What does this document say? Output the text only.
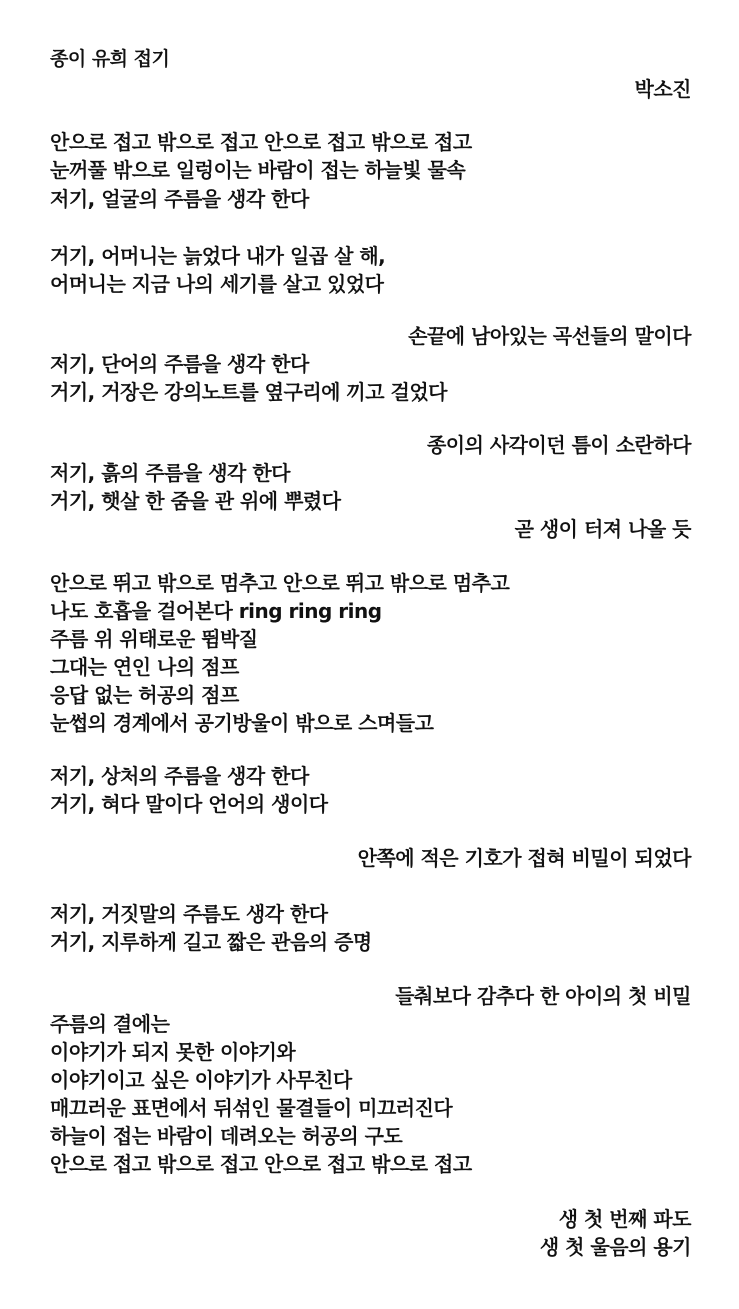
종이 유희 접기
박소진
안으로 접고 밖으로 접고 안으로 접고 밖으로 접고
눈꺼풀 밖으로 일렁이는 바람이 접는 하늘빛 물속
저기, 얼굴의 주름을 생각 한다
거기, 어머니는 늙었다 내가 일곱 살 해,
어머니는 지금 나의 세기를 살고 있었다
손끝에 남아있는 곡선들의 말이다
저기, 단어의 주름을 생각 한다
거기, 거장은 강의노트를 옆구리에 끼고 걸었다
종이의 사각이던 틈이 소란하다
저기, 흙의 주름을 생각 한다
거기, 햇살 한 줌을 관 위에 뿌렸다
곧 생이 터져 나올 듯
안으로 뛰고 밖으로 멈추고 안으로 뛰고 밖으로 멈추고
나도 호흡을 걸어본다 ring ring ring
주름 위 위태로운 뜀박질
그대는 연인 나의 점프
응답 없는 허공의 점프
눈썹의 경계에서 공기방울이 밖으로 스며들고
저기, 상처의 주름을 생각 한다
거기, 혀다 말이다 언어의 생이다
안쪽에 적은 기호가 접혀 비밀이 되었다
저기, 거짓말의 주름도 생각 한다
거기, 지루하게 길고 짧은 관음의 증명
들춰보다 감추다 한 아이의 첫 비밀
주름의 결에는
이야기가 되지 못한 이야기와
이야기이고 싶은 이야기가 사무친다
매끄러운 표면에서 뒤섞인 물결들이 미끄러진다
하늘이 접는 바람이 데려오는 허공의 구도
안으로 접고 밖으로 접고 안으로 접고 밖으로 접고
생 첫 번째 파도
생 첫 울음의 용기
